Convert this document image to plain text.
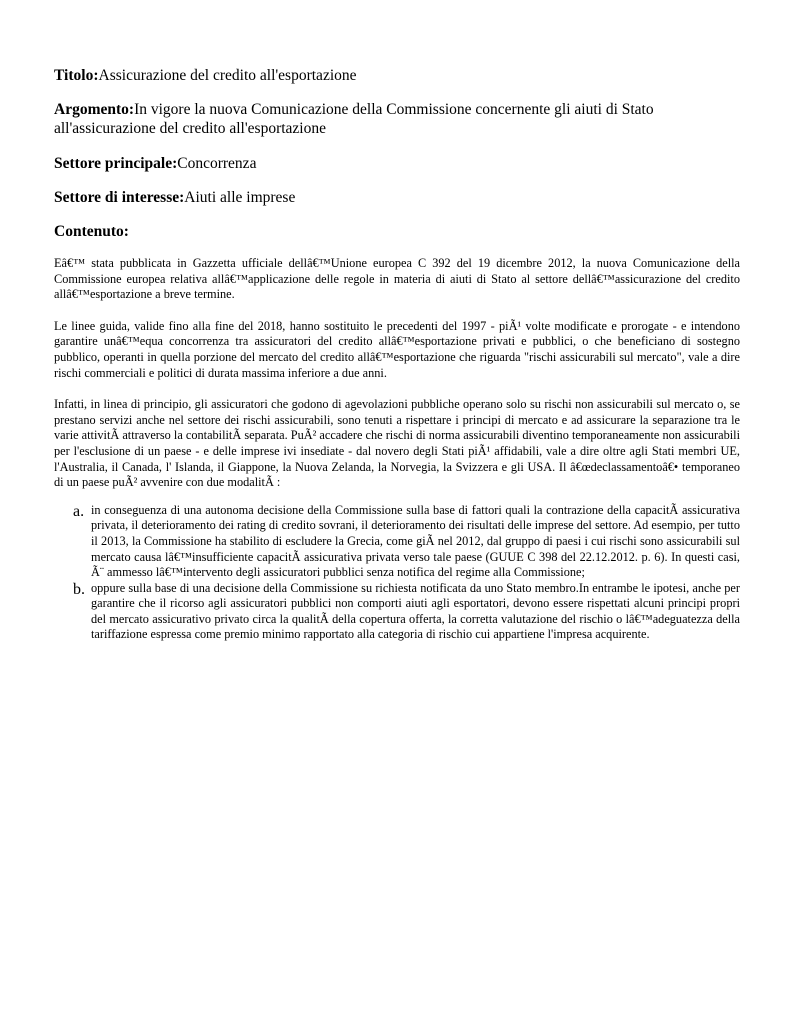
Titolo:Assicurazione del credito all'esportazione

Argomento:In vigore la nuova Comunicazione della Commissione concernente gli aiuti di Stato all'assicurazione del credito all'esportazione

Settore principale:Concorrenza

Settore di interesse:Aiuti alle imprese

Contenuto:

Eâ€™ stata pubblicata in Gazzetta ufficiale dellâ€™Unione europea C 392 del 19 dicembre 2012, la nuova Comunicazione della Commissione europea relativa allâ€™applicazione delle regole in materia di aiuti di Stato al settore dellâ€™assicurazione del credito allâ€™esportazione a breve termine.

Le linee guida, valide fino alla fine del 2018, hanno sostituito le precedenti del 1997 - piÃ¹ volte modificate e prorogate - e intendono garantire unâ€™equa concorrenza tra assicuratori del credito allâ€™esportazione privati e pubblici, o che beneficiano di sostegno pubblico, operanti in quella porzione del mercato del credito allâ€™esportazione che riguarda "rischi assicurabili sul mercato", vale a dire rischi commerciali e politici di durata massima inferiore a due anni.

Infatti, in linea di principio, gli assicuratori che godono di agevolazioni pubbliche operano solo su rischi non assicurabili sul mercato o, se prestano servizi anche nel settore dei rischi assicurabili, sono tenuti a rispettare i principi di mercato e ad assicurare la separazione tra le varie attivitÃ attraverso la contabilitÃ separata. PuÃ² accadere che rischi di norma assicurabili diventino temporaneamente non assicurabili per l'esclusione di un paese - e delle imprese ivi insediate - dal novero degli Stati piÃ¹ affidabili, vale a dire oltre agli Stati membri UE, l'Australia, il Canada, l' Islanda, il Giappone, la Nuova Zelanda, la Norvegia, la Svizzera e gli USA. Il â€œdeclassamentoâ€• temporaneo di un paese puÃ² avvenire con due modalitÃ :

a. in conseguenza di una autonoma decisione della Commissione sulla base di fattori quali la contrazione della capacitÃ assicurativa privata, il deterioramento dei rating di credito sovrani, il deterioramento dei risultati delle imprese del settore. Ad esempio, per tutto il 2013, la Commissione ha stabilito di escludere la Grecia, come giÃ nel 2012, dal gruppo di paesi i cui rischi sono assicurabili sul mercato causa lâ€™insufficiente capacitÃ assicurativa privata verso tale paese (GUUE C 398 del 22.12.2012. p. 6). In questi casi, Ã¨ ammesso lâ€™intervento degli assicuratori pubblici senza notifica del regime alla Commissione;
b. oppure sulla base di una decisione della Commissione su richiesta notificata da uno Stato membro.In entrambe le ipotesi, anche per garantire che il ricorso agli assicuratori pubblici non comporti aiuti agli esportatori, devono essere rispettati alcuni principi propri del mercato assicurativo privato circa la qualitÃ della copertura offerta, la corretta valutazione del rischio o lâ€™adeguatezza della tariffazione espressa come premio minimo rapportato alla categoria di rischio cui appartiene l'impresa acquirente.
